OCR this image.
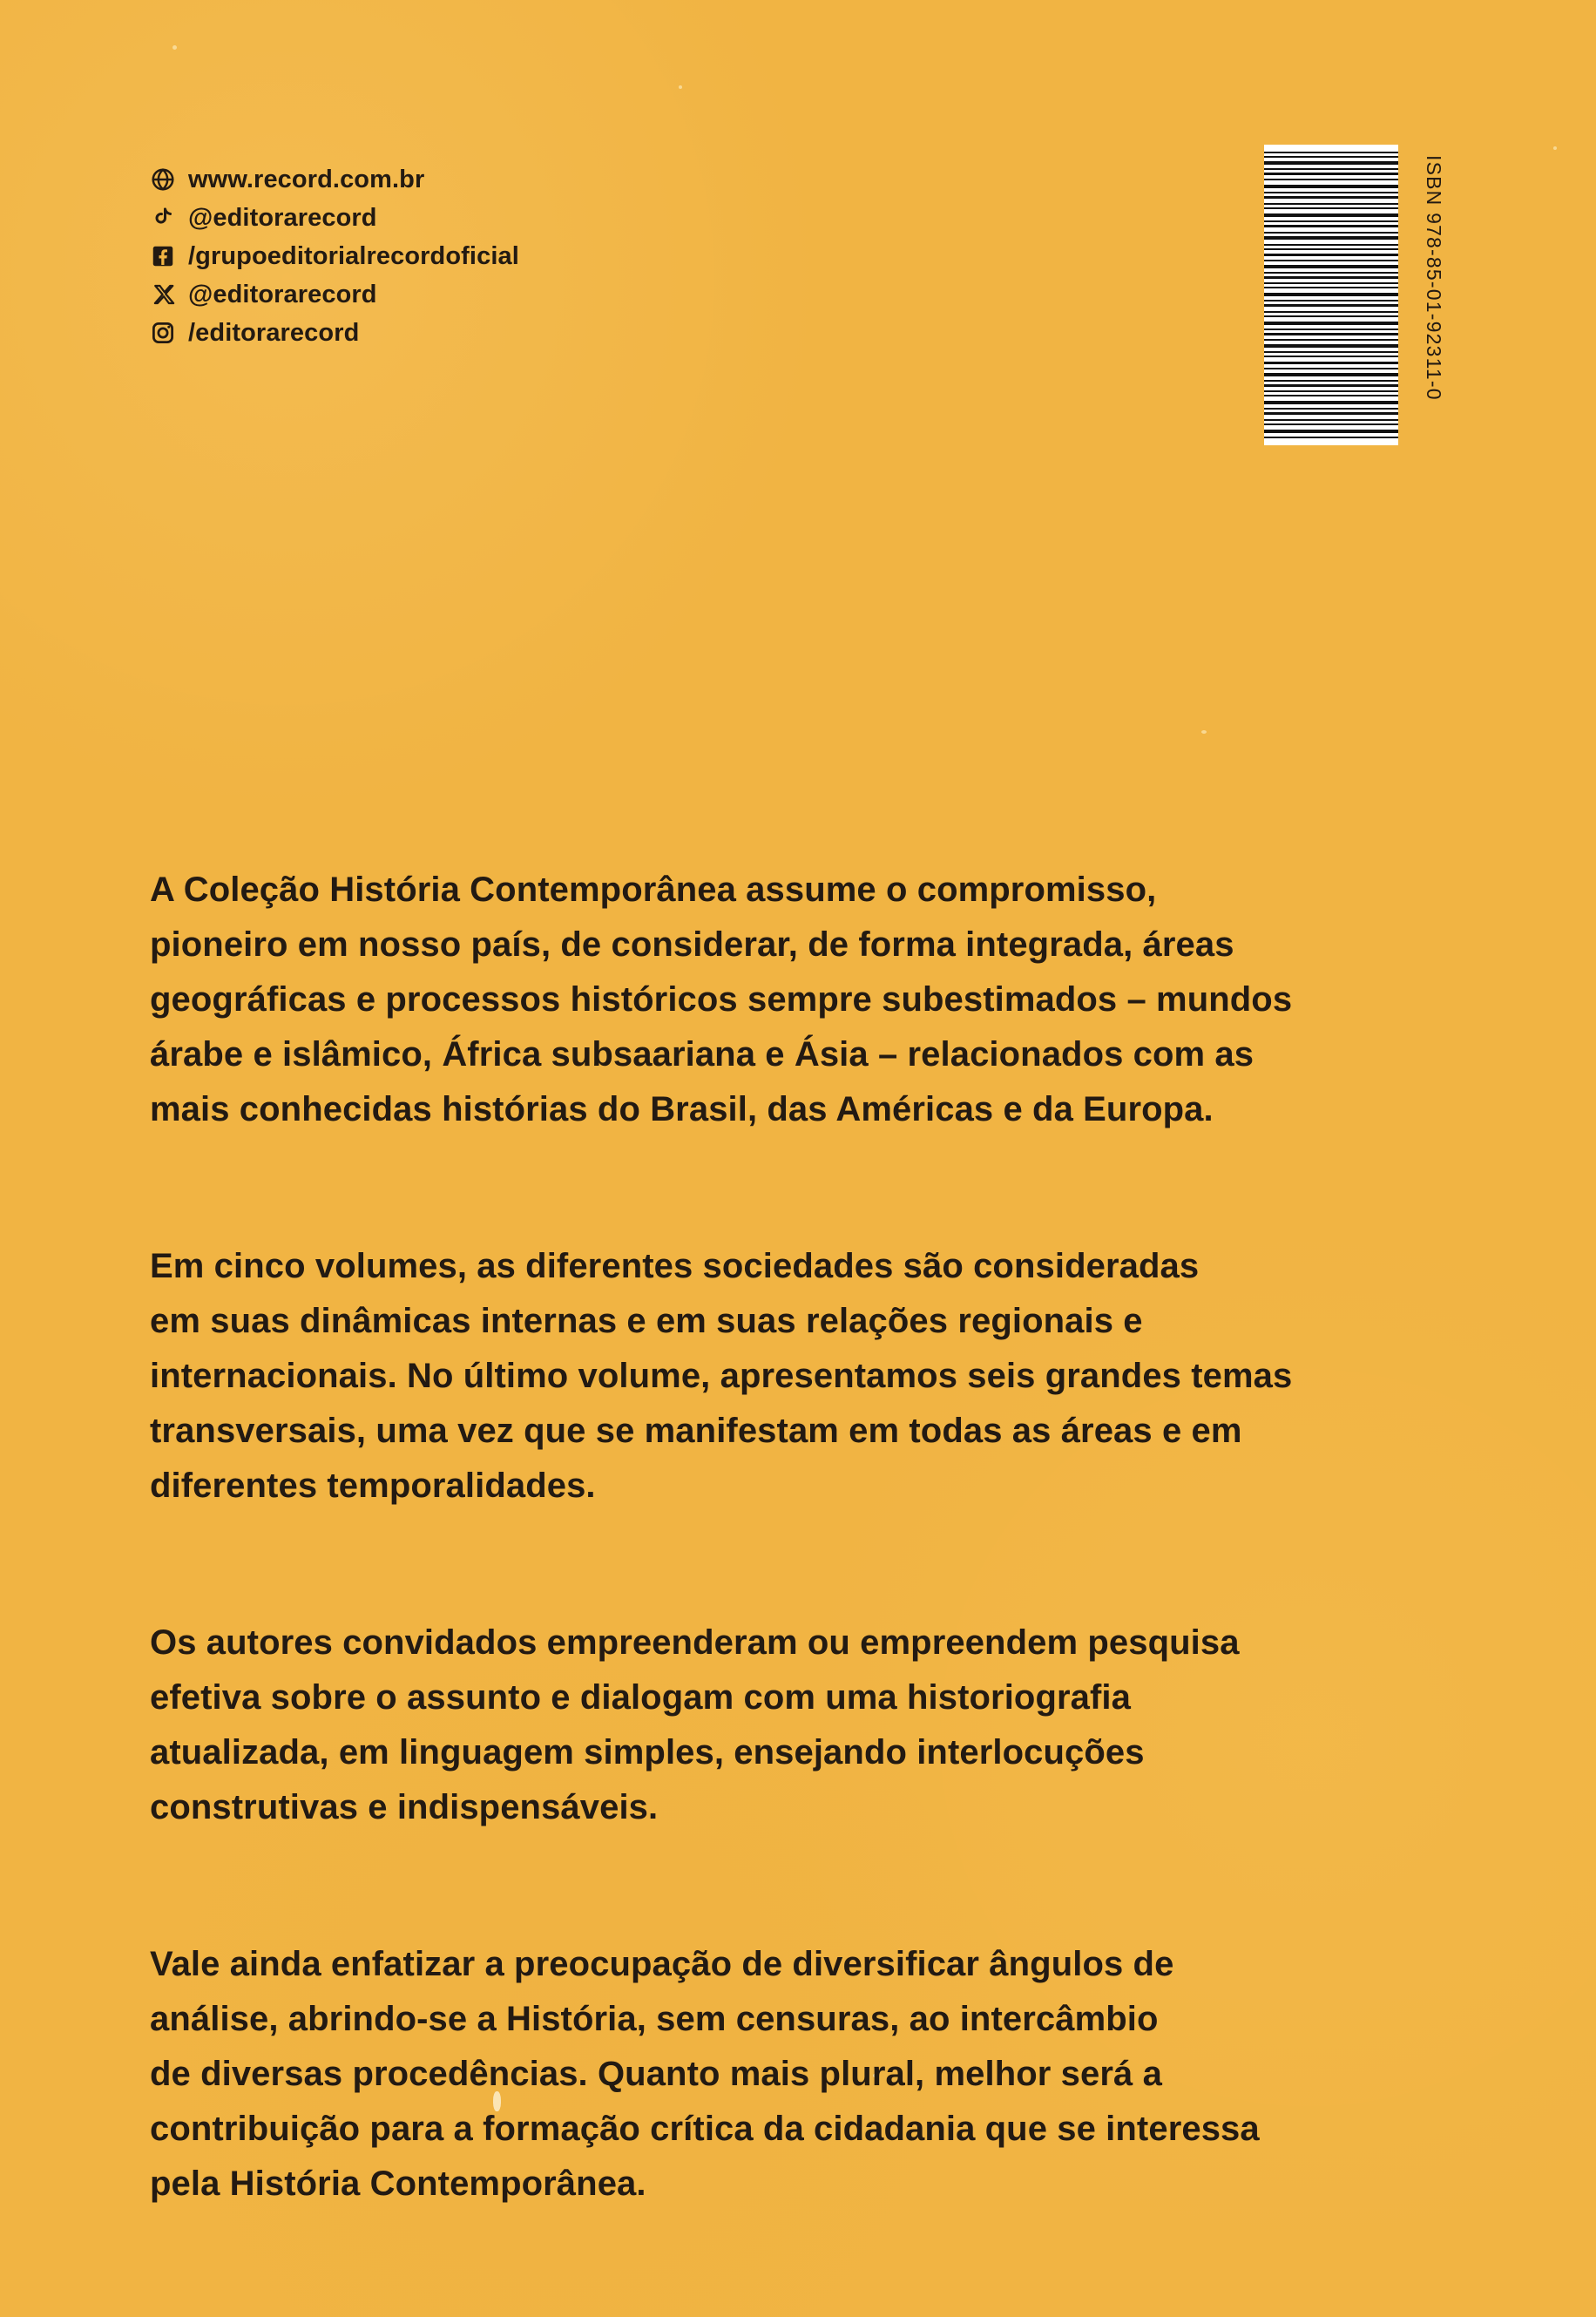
www.record.com.br
@editorarecord
/grupoeditorialrecordoficial
@editorarecord
/editorarecord	ISBN 978-85-01-92311-0

A Coleção História Contemporânea assume o compromisso,
pioneiro em nosso país, de considerar, de forma integrada, áreas
geográficas e processos históricos sempre subestimados – mundos
árabe e islâmico, África subsaariana e Ásia – relacionados com as
mais conhecidas histórias do Brasil, das Américas e da Europa.

Em cinco volumes, as diferentes sociedades são consideradas
em suas dinâmicas internas e em suas relações regionais e
internacionais. No último volume, apresentamos seis grandes temas
transversais, uma vez que se manifestam em todas as áreas e em
diferentes temporalidades.

Os autores convidados empreenderam ou empreendem pesquisa
efetiva sobre o assunto e dialogam com uma historiografia
atualizada, em linguagem simples, ensejando interlocuções
construtivas e indispensáveis.

Vale ainda enfatizar a preocupação de diversificar ângulos de
análise, abrindo-se a História, sem censuras, ao intercâmbio
de diversas procedências. Quanto mais plural, melhor será a
contribuição para a formação crítica da cidadania que se interessa
pela História Contemporânea.
